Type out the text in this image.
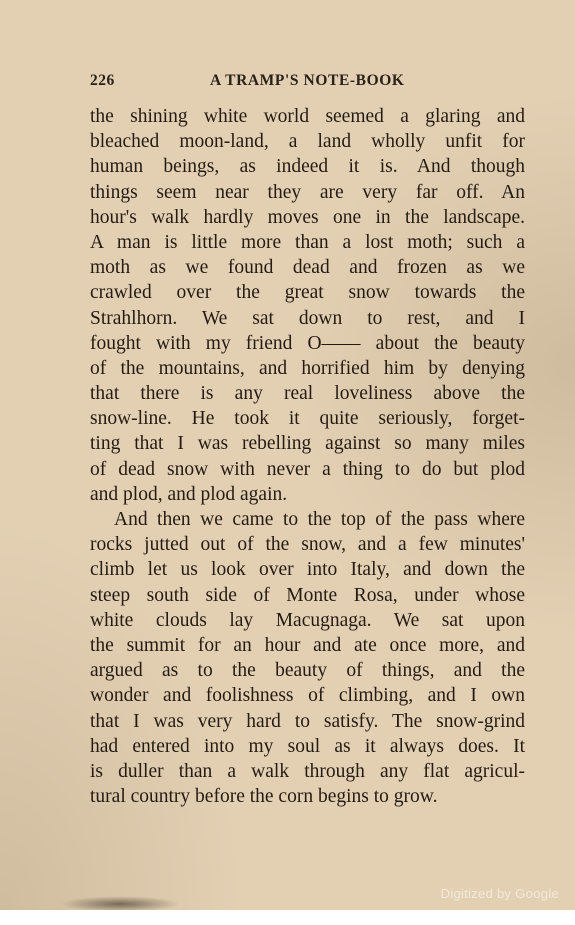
226	A TRAMP'S NOTE-BOOK
the shining white world seemed a glaring and
bleached moon-land, a land wholly unfit for
human beings, as indeed it is. And though
things seem near they are very far off. An
hour's walk hardly moves one in the landscape.
A man is little more than a lost moth; such a
moth as we found dead and frozen as we
crawled over the great snow towards the
Strahlhorn. We sat down to rest, and I
fought with my friend O—— about the beauty
of the mountains, and horrified him by denying
that there is any real loveliness above the
snow-line. He took it quite seriously, forget-
ting that I was rebelling against so many miles
of dead snow with never a thing to do but plod
and plod, and plod again.
And then we came to the top of the pass where
rocks jutted out of the snow, and a few minutes'
climb let us look over into Italy, and down the
steep south side of Monte Rosa, under whose
white clouds lay Macugnaga. We sat upon
the summit for an hour and ate once more, and
argued as to the beauty of things, and the
wonder and foolishness of climbing, and I own
that I was very hard to satisfy. The snow-grind
had entered into my soul as it always does. It
is duller than a walk through any flat agricul-
tural country before the corn begins to grow.
Digitized by Google
